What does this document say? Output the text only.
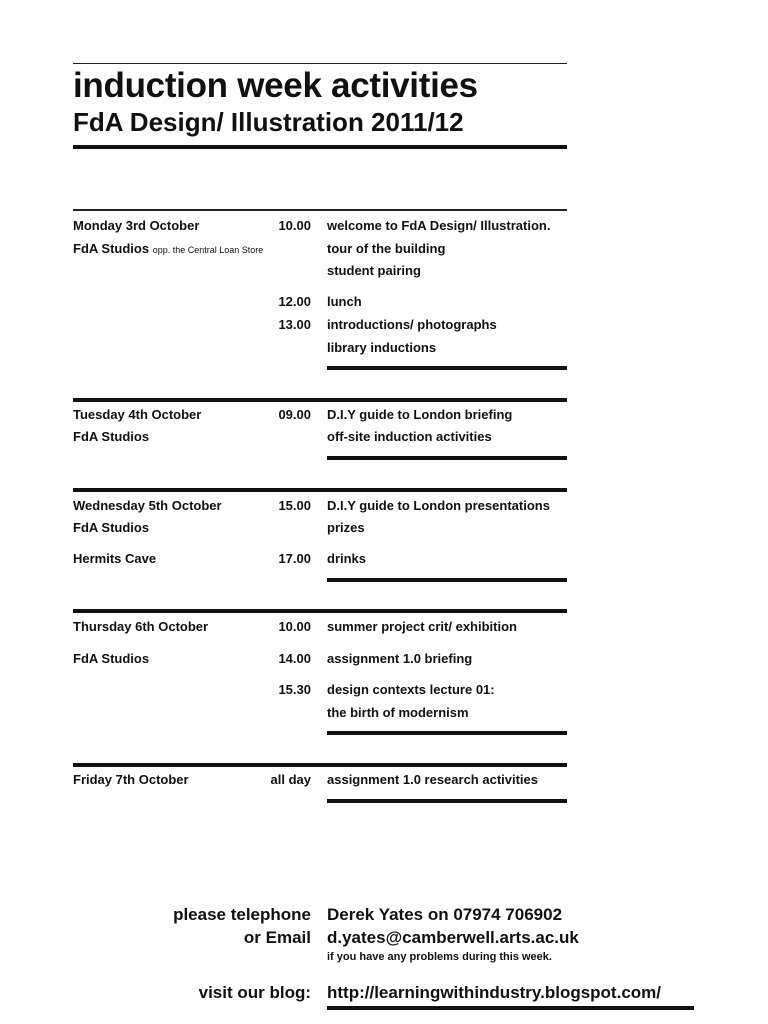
induction week activities
FdA Design/ Illustration 2011/12
Monday 3rd October
FdA Studios opp. the Central Loan Store
10.00 welcome to FdA Design/ Illustration.
tour of the building
student pairing
12.00 lunch
13.00 introductions/ photographs
library inductions
Tuesday 4th October
FdA Studios
09.00 D.I.Y guide to London briefing
off-site induction activities
Wednesday 5th October
FdA Studios
Hermits Cave
15.00 D.I.Y guide to London presentations
prizes
17.00 drinks
Thursday 6th October
FdA Studios
10.00 summer project crit/ exhibition
14.00 assignment 1.0 briefing
15.30 design contexts lecture 01:
the birth of modernism
Friday 7th October	all day assignment 1.0 research activities
please telephone Derek Yates on 07974 706902
or Email d.yates@camberwell.arts.ac.uk
if you have any problems during this week.
visit our blog: http://learningwithindustry.blogspot.com/
